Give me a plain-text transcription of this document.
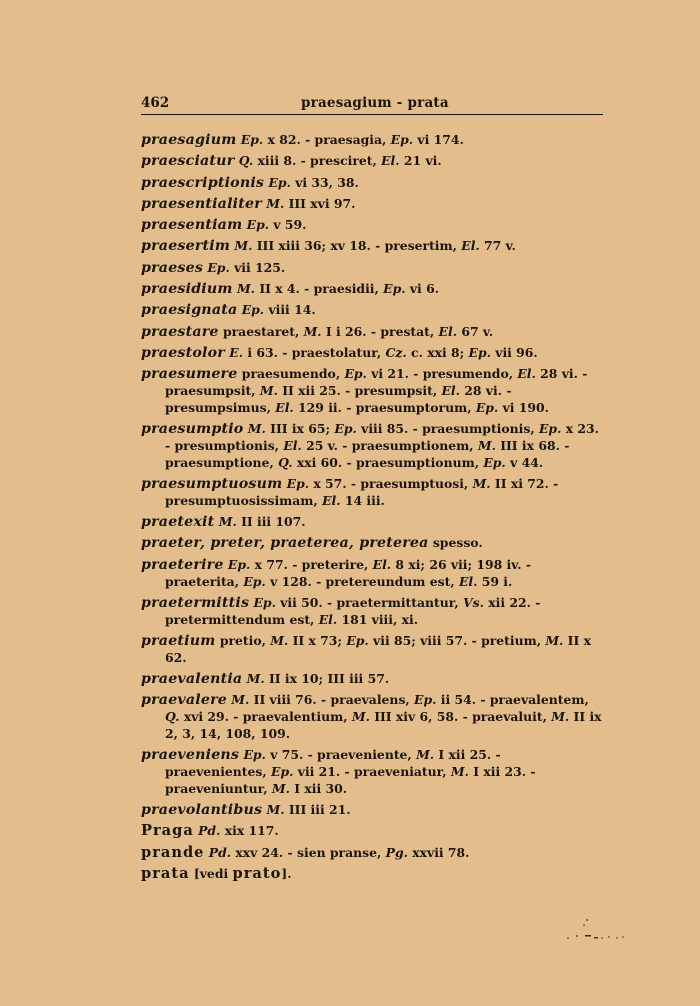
462	praesagium - prata
praesagium Ep. x 82. - praesagia, Ep. vi 174.
praesciatur Q. xiii 8. - presciret, El. 21 vi.
praescriptionis Ep. vi 33, 38.
praesentialiter M. III xvi 97.
praesentiam Ep. v 59.
praesertim M. III xiii 36; xv 18. - presertim, El. 77 v.
praeses Ep. vii 125.
praesidium M. II x 4. - praesidii, Ep. vi 6.
praesignata Ep. viii 14.
praestare praestaret, M. I i 26. - prestat, El. 67 v.
praestolor E. i 63. - praestolatur, Cz. c. xxi 8; Ep. vii 96.
praesumere praesumendo, Ep. vi 21. - presumendo, El. 28 vi. - praesumpsit, M. II xii 25. - presumpsit, El. 28 vi. - presumpsimus, El. 129 ii. - praesumptorum, Ep. vi 190.
praesumptio M. III ix 65; Ep. viii 85. - praesumptionis, Ep. x 23. - presumptionis, El. 25 v. - praesumptionem, M. III ix 68. - praesumptione, Q. xxi 60. - praesumptionum, Ep. v 44.
praesumptuosum Ep. x 57. - praesumptuosi, M. II xi 72. - presumptuosissimam, El. 14 iii.
praetexit M. II iii 107.
praeter, preter, praeterea, preterea spesso.
praeterire Ep. x 77. - preterire, El. 8 xi; 26 vii; 198 iv. - praeterita, Ep. v 128. - pretereundum est, El. 59 i.
praetermittis Ep. vii 50. - praetermittantur, Vs. xii 22. - pretermittendum est, El. 181 viii, xi.
praetium pretio, M. II x 73; Ep. vii 85; viii 57. - pretium, M. II x 62.
praevalentia M. II ix 10; III iii 57.
praevalere M. II viii 76. - praevalens, Ep. ii 54. - praevalentem, Q. xvi 29. - praevalentium, M. III xiv 6, 58. - praevaluit, M. II ix 2, 3, 14, 108, 109.
praeveniens Ep. v 75. - praeveniente, M. I xii 25. - praevenientes, Ep. vii 21. - praeveniatur, M. I xii 23. - praeveniuntur, M. I xii 30.
praevolantibus M. III iii 21.
Praga Pd. xix 117.
prande Pd. xxv 24. - sien pranse, Pg. xxvii 78.
prata [vedi prato].
